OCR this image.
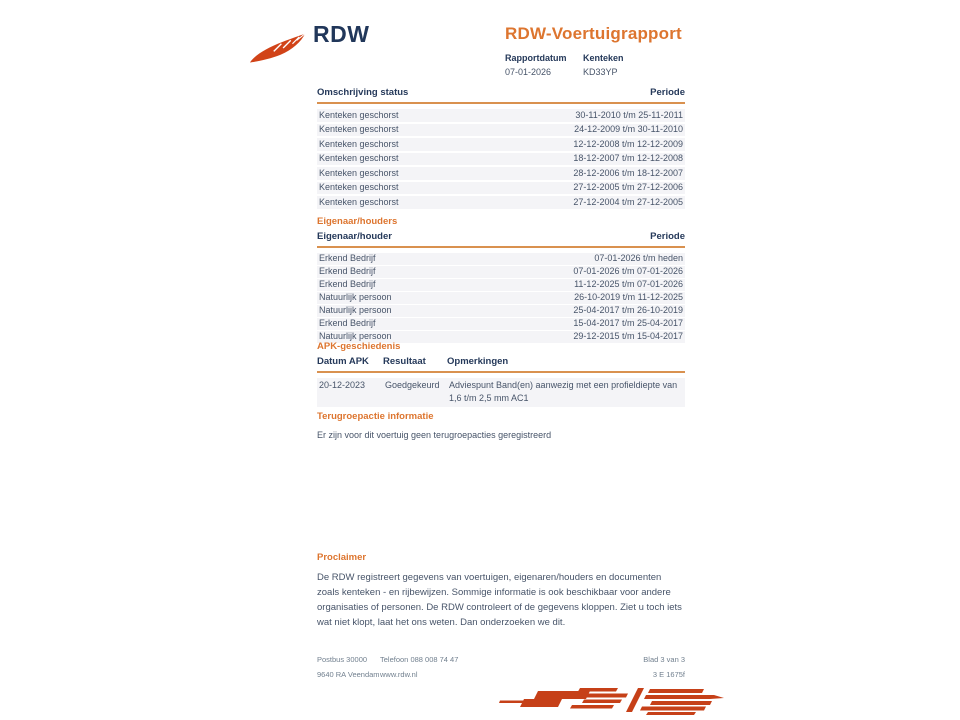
RDW	RDW-Voertuigrapport
Rapportdatum
07-01-2026
Kenteken
KD33YP
Omschrijving status	Periode
Kenteken geschorst	30-11-2010 t/m 25-11-2011
Kenteken geschorst	24-12-2009 t/m 30-11-2010
Kenteken geschorst	12-12-2008 t/m 12-12-2009
Kenteken geschorst	18-12-2007 t/m 12-12-2008
Kenteken geschorst	28-12-2006 t/m 18-12-2007
Kenteken geschorst	27-12-2005 t/m 27-12-2006
Kenteken geschorst	27-12-2004 t/m 27-12-2005
Eigenaar/houders
Eigenaar/houder	Periode
Erkend Bedrijf	07-01-2026 t/m heden
Erkend Bedrijf	07-01-2026 t/m 07-01-2026
Erkend Bedrijf	11-12-2025 t/m 07-01-2026
Natuurlijk persoon	26-10-2019 t/m 11-12-2025
Natuurlijk persoon	25-04-2017 t/m 26-10-2019
Erkend Bedrijf	15-04-2017 t/m 25-04-2017
Natuurlijk persoon	29-12-2015 t/m 15-04-2017
APK-geschiedenis
Datum APK	Resultaat	Opmerkingen
20-12-2023	Goedgekeurd	Adviespunt Band(en) aanwezig met een profieldiepte van 1,6 t/m 2,5 mm AC1
Terugroepactie informatie
Er zijn voor dit voertuig geen terugroepacties geregistreerd
Proclaimer
De RDW registreert gegevens van voertuigen, eigenaren/houders en documenten zoals kenteken - en rijbewijzen. Sommige informatie is ook beschikbaar voor andere organisaties of personen. De RDW controleert of de gegevens kloppen. Ziet u toch iets wat niet klopt, laat het ons weten. Dan onderzoeken we dit.
Postbus 30000	Telefoon 088 008 74 47	Blad 3 van 3
9640 RA Veendam www.rdw.nl	3 E 1675f
